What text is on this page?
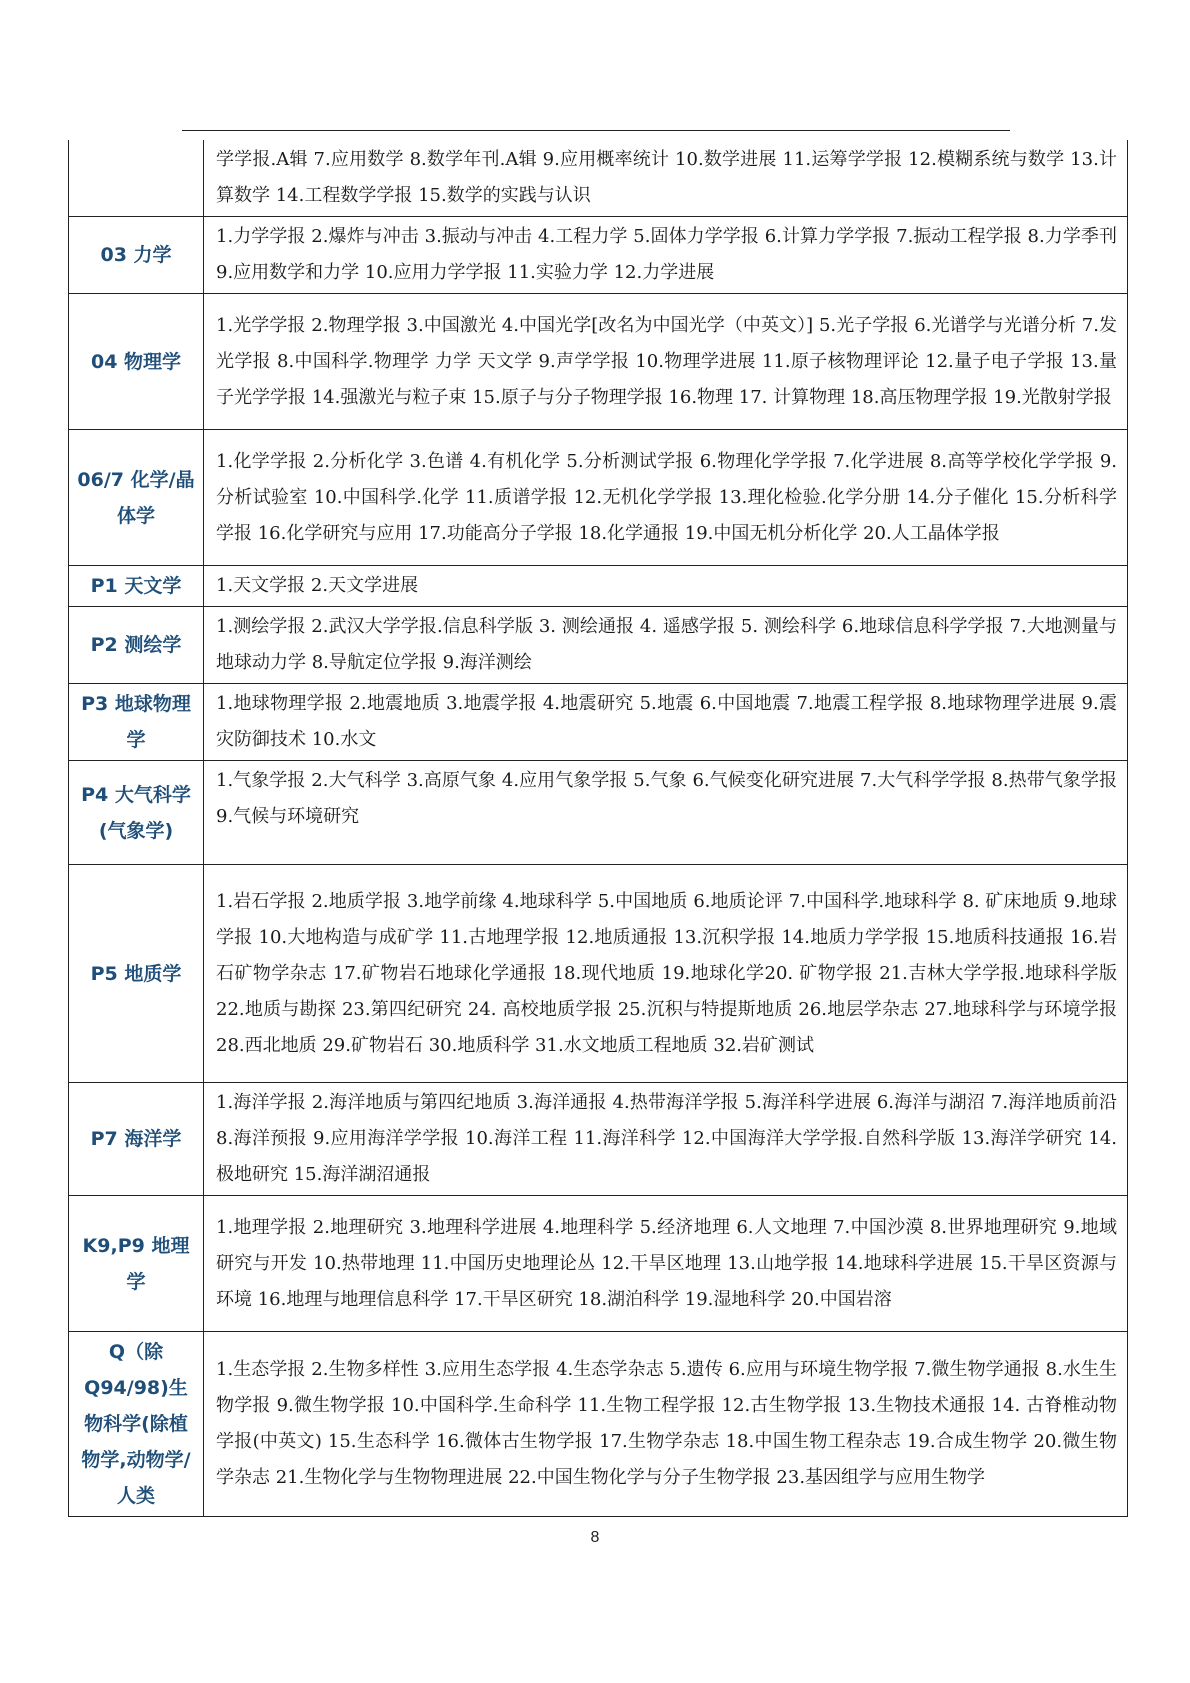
	学学报.A辑 7.应用数学 8.数学年刊.A辑 9.应用概率统计 10.数学进展 11.运筹学学报 12.模糊系统与数学 13.计算数学 14.工程数学学报 15.数学的实践与认识
03 力学	1.力学学报 2.爆炸与冲击 3.振动与冲击 4.工程力学 5.固体力学学报 6.计算力学学报 7.振动工程学报 8.力学季刊 9.应用数学和力学 10.应用力学学报 11.实验力学 12.力学进展
04 物理学	1.光学学报 2.物理学报 3.中国激光 4.中国光学[改名为中国光学（中英文）] 5.光子学报 6.光谱学与光谱分析 7.发光学报 8.中国科学.物理学 力学 天文学 9.声学学报 10.物理学进展 11.原子核物理评论 12.量子电子学报 13.量子光学学报 14.强激光与粒子束 15.原子与分子物理学报 16.物理 17. 计算物理 18.高压物理学报 19.光散射学报
06/7 化学/晶体学	1.化学学报 2.分析化学 3.色谱 4.有机化学 5.分析测试学报 6.物理化学学报 7.化学进展 8.高等学校化学学报 9.分析试验室 10.中国科学.化学 11.质谱学报 12.无机化学学报 13.理化检验.化学分册 14.分子催化 15.分析科学学报 16.化学研究与应用 17.功能高分子学报 18.化学通报 19.中国无机分析化学 20.人工晶体学报
P1 天文学	1.天文学报 2.天文学进展
P2 测绘学	1.测绘学报 2.武汉大学学报.信息科学版 3. 测绘通报 4. 遥感学报 5. 测绘科学 6.地球信息科学学报 7.大地测量与地球动力学 8.导航定位学报 9.海洋测绘
P3 地球物理学	1.地球物理学报 2.地震地质 3.地震学报 4.地震研究 5.地震 6.中国地震 7.地震工程学报 8.地球物理学进展 9.震灾防御技术 10.水文
P4 大气科学(气象学)	1.气象学报 2.大气科学 3.高原气象 4.应用气象学报 5.气象 6.气候变化研究进展 7.大气科学学报 8.热带气象学报 9.气候与环境研究
P5 地质学	1.岩石学报 2.地质学报 3.地学前缘 4.地球科学 5.中国地质 6.地质论评 7.中国科学.地球科学 8. 矿床地质 9.地球学报 10.大地构造与成矿学 11.古地理学报 12.地质通报 13.沉积学报 14.地质力学学报 15.地质科技通报 16.岩石矿物学杂志 17.矿物岩石地球化学通报 18.现代地质 19.地球化学20. 矿物学报 21.吉林大学学报.地球科学版 22.地质与勘探 23.第四纪研究 24. 高校地质学报 25.沉积与特提斯地质 26.地层学杂志 27.地球科学与环境学报 28.西北地质 29.矿物岩石 30.地质科学 31.水文地质工程地质 32.岩矿测试
P7 海洋学	1.海洋学报 2.海洋地质与第四纪地质 3.海洋通报 4.热带海洋学报 5.海洋科学进展 6.海洋与湖沼 7.海洋地质前沿 8.海洋预报 9.应用海洋学学报 10.海洋工程 11.海洋科学 12.中国海洋大学学报.自然科学版 13.海洋学研究 14.极地研究 15.海洋湖沼通报
K9,P9 地理学	1.地理学报 2.地理研究 3.地理科学进展 4.地理科学 5.经济地理 6.人文地理 7.中国沙漠 8.世界地理研究 9.地域研究与开发 10.热带地理 11.中国历史地理论丛 12.干旱区地理 13.山地学报 14.地球科学进展 15.干旱区资源与环境 16.地理与地理信息科学 17.干旱区研究 18.湖泊科学 19.湿地科学 20.中国岩溶
Q（除Q94/98)生物科学(除植物学,动物学/人类	1.生态学报 2.生物多样性 3.应用生态学报 4.生态学杂志 5.遗传 6.应用与环境生物学报 7.微生物学通报 8.水生生物学报 9.微生物学报 10.中国科学.生命科学 11.生物工程学报 12.古生物学报 13.生物技术通报 14. 古脊椎动物学报(中英文) 15.生态科学 16.微体古生物学报 17.生物学杂志 18.中国生物工程杂志 19.合成生物学 20.微生物学杂志 21.生物化学与生物物理进展 22.中国生物化学与分子生物学报 23.基因组学与应用生物学
8
